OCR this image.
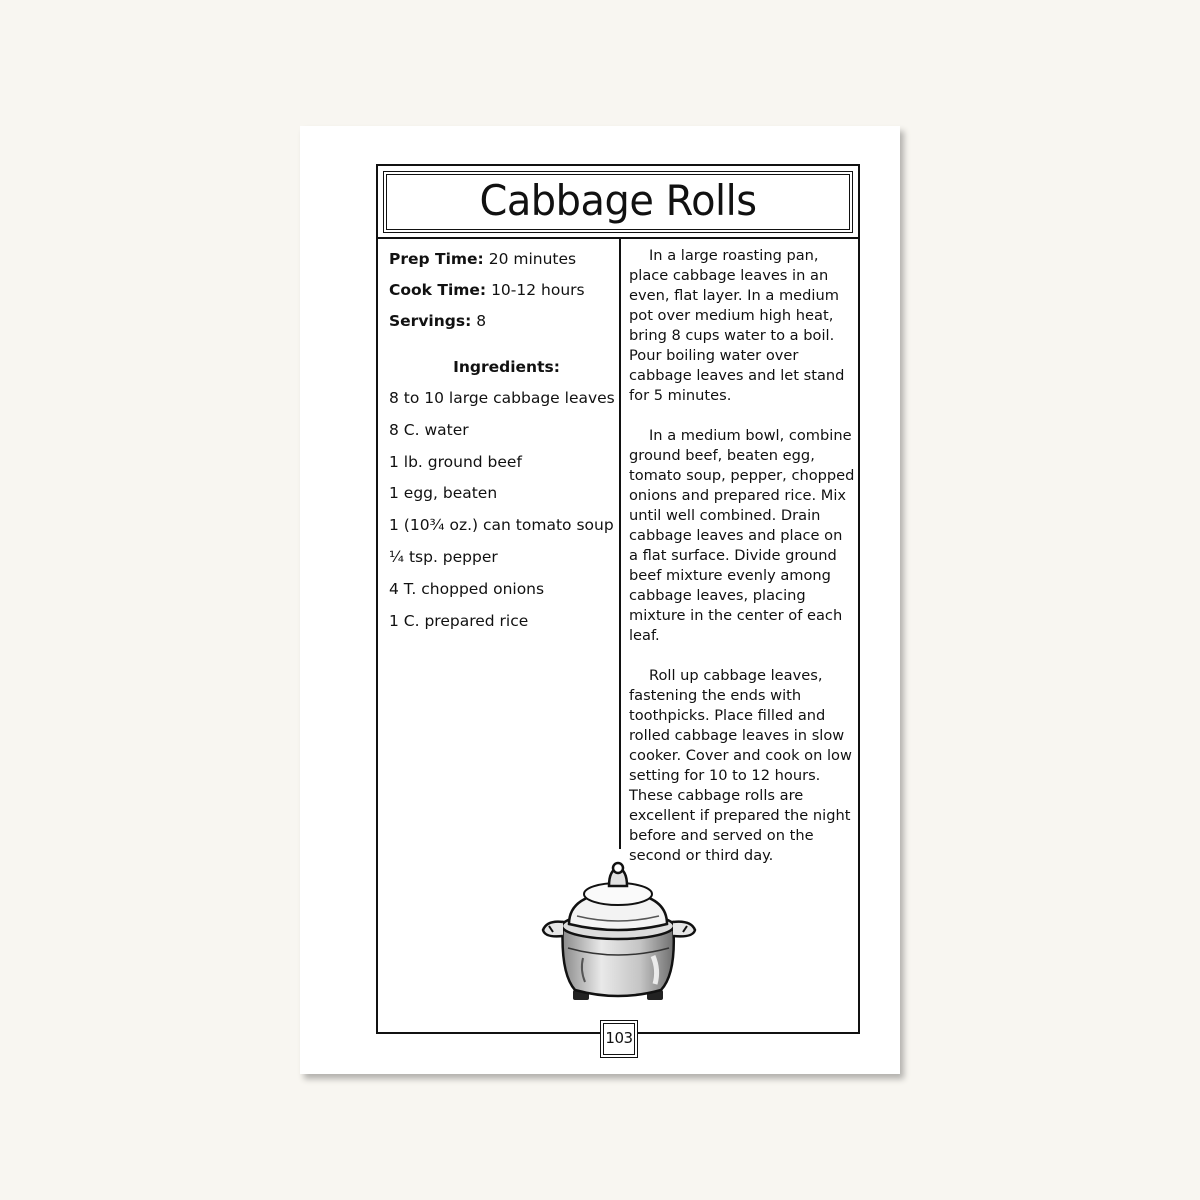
Cabbage Rolls
Prep Time: 20 minutes
Cook Time: 10-12 hours
Servings: 8
Ingredients:
8 to 10 large cabbage leaves
8 C. water
1 lb. ground beef
1 egg, beaten
1 (10¾ oz.) can tomato soup
¼ tsp. pepper
4 T. chopped onions
1 C. prepared rice

In a large roasting pan, place cabbage leaves in an even, flat layer. In a medium pot over medium high heat, bring 8 cups water to a boil. Pour boiling water over cabbage leaves and let stand for 5 minutes.

In a medium bowl, combine ground beef, beaten egg, tomato soup, pepper, chopped onions and prepared rice. Mix until well combined. Drain cabbage leaves and place on a flat surface. Divide ground beef mixture evenly among cabbage leaves, placing mixture in the center of each leaf.

Roll up cabbage leaves, fastening the ends with toothpicks. Place filled and rolled cabbage leaves in slow cooker. Cover and cook on low setting for 10 to 12 hours. These cabbage rolls are excellent if prepared the night before and served on the second or third day.

103
